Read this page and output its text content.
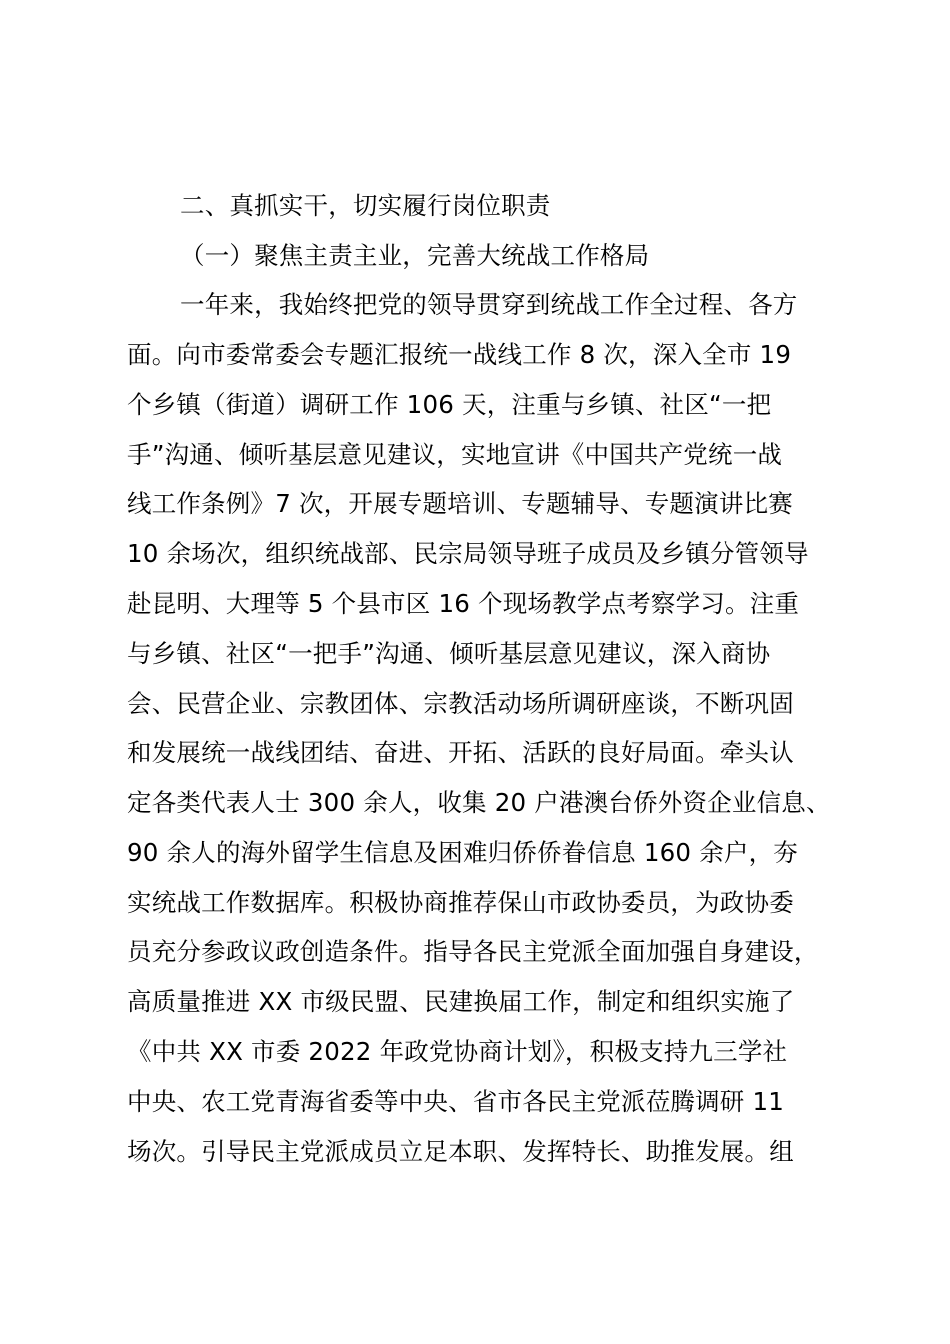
二、真抓实干，切实履行岗位职责
（一）聚焦主责主业，完善大统战工作格局
一年来，我始终把党的领导贯穿到统战工作全过程、各方
面。向市委常委会专题汇报统一战线工作 8 次，深入全市 19
个乡镇（街道）调研工作 106 天，注重与乡镇、社区“一把
手”沟通、倾听基层意见建议，实地宣讲《中国共产党统一战
线工作条例》7 次，开展专题培训、专题辅导、专题演讲比赛
10 余场次，组织统战部、民宗局领导班子成员及乡镇分管领导
赴昆明、大理等 5 个县市区 16 个现场教学点考察学习。注重
与乡镇、社区“一把手”沟通、倾听基层意见建议，深入商协
会、民营企业、宗教团体、宗教活动场所调研座谈，不断巩固
和发展统一战线团结、奋进、开拓、活跃的良好局面。牵头认
定各类代表人士 300 余人，收集 20 户港澳台侨外资企业信息、
90 余人的海外留学生信息及困难归侨侨眷信息 160 余户，夯
实统战工作数据库。积极协商推荐保山市政协委员，为政协委
员充分参政议政创造条件。指导各民主党派全面加强自身建设，
高质量推进 XX 市级民盟、民建换届工作，制定和组织实施了
《中共 XX 市委 2022 年政党协商计划》，积极支持九三学社
中央、农工党青海省委等中央、省市各民主党派莅腾调研 11
场次。引导民主党派成员立足本职、发挥特长、助推发展。组
